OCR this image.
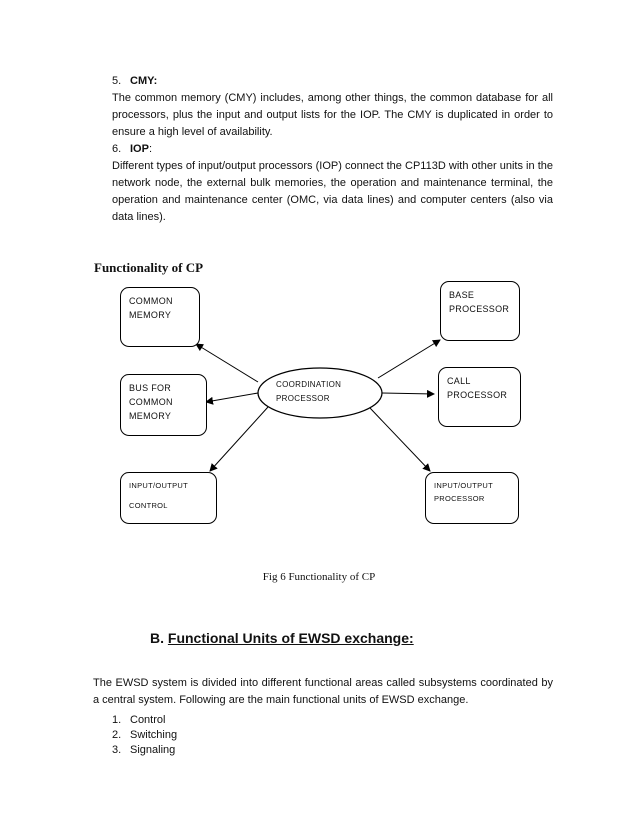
5. CMY:
The common memory (CMY) includes, among other things, the common database for all processors, plus the input and output lists for the IOP. The CMY is duplicated in order to ensure a high level of availability.
6. IOP:
Different types of input/output processors (IOP) connect the CP113D with other units in the network node, the external bulk memories, the operation and maintenance terminal, the operation and maintenance center (OMC, via data lines) and computer centers (also via data lines).
Functionality of CP
COMMON
MEMORY
BUS FOR
COMMON
MEMORY
INPUT/OUTPUT
CONTROL
COORDINATION
PROCESSOR
BASE
PROCESSOR
CALL
PROCESSOR
INPUT/OUTPUT
PROCESSOR
Fig 6 Functionality of CP
B. Functional Units of EWSD exchange:
The EWSD system is divided into different functional areas called subsystems coordinated by a central system. Following are the main functional units of EWSD exchange.
1. Control
2. Switching
3. Signaling
